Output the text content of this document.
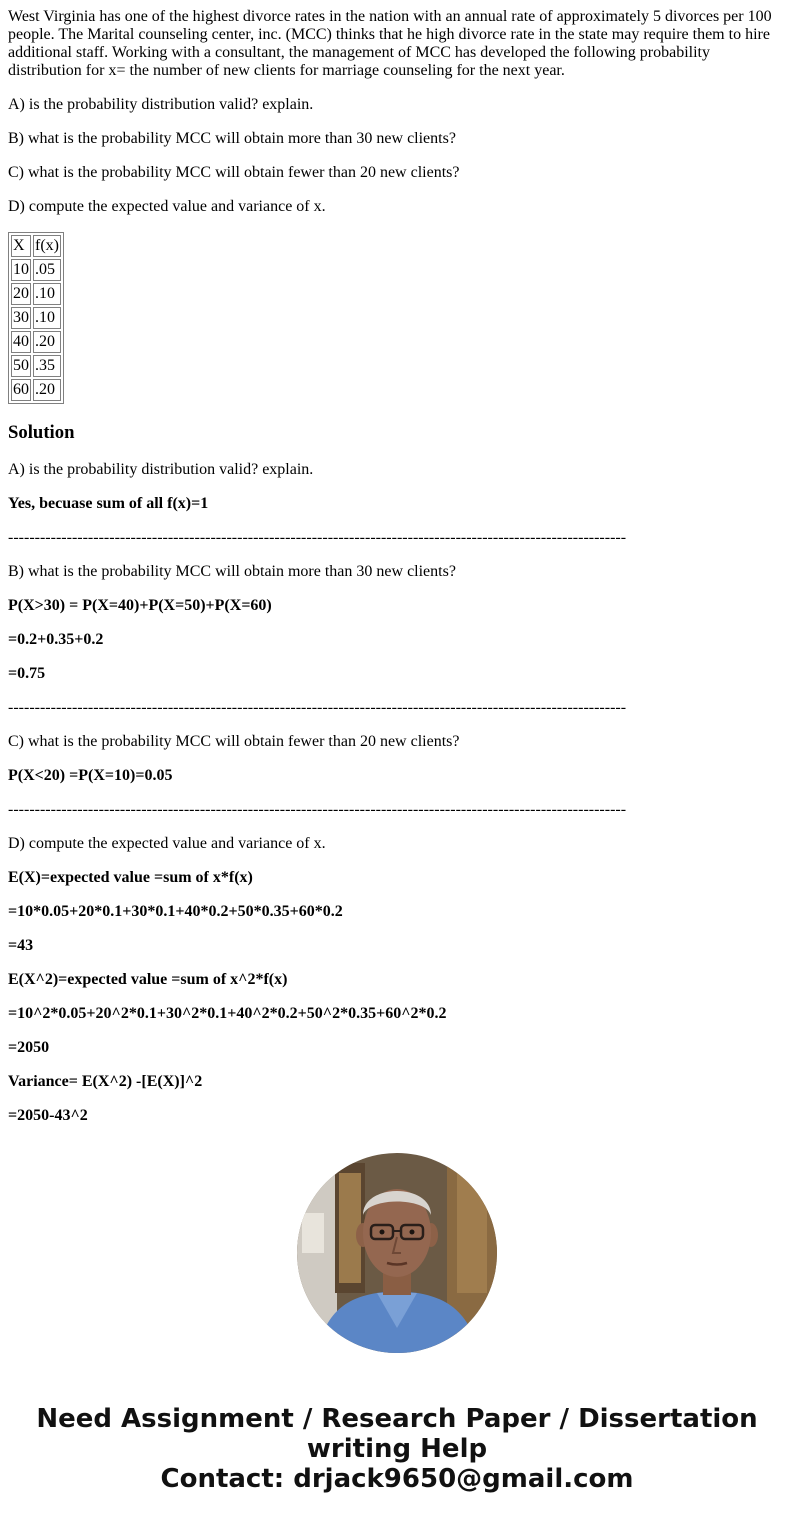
West Virginia has one of the highest divorce rates in the nation with an annual rate of approximately 5 divorces per 100 people. The Marital counseling center, inc. (MCC) thinks that he high divorce rate in the state may require them to hire additional staff. Working with a consultant, the management of MCC has developed the following probability distribution for x= the number of new clients for marriage counseling for the next year.

A) is the probability distribution valid? explain.

B) what is the probability MCC will obtain more than 30 new clients?

C) what is the probability MCC will obtain fewer than 20 new clients?

D) compute the expected value and variance of x.

X	f(x)
10	.05
20	.10
30	.10
40	.20
50	.35
60	.20
Solution

A) is the probability distribution valid? explain.

Yes, becuase sum of all f(x)=1

--------------------------------------------------------------------------------------------------------------------

B) what is the probability MCC will obtain more than 30 new clients?

P(X>30) = P(X=40)+P(X=50)+P(X=60)

=0.2+0.35+0.2

=0.75

--------------------------------------------------------------------------------------------------------------------

C) what is the probability MCC will obtain fewer than 20 new clients?

P(X<20) =P(X=10)=0.05

--------------------------------------------------------------------------------------------------------------------

D) compute the expected value and variance of x.

E(X)=expected value =sum of x*f(x)

=10*0.05+20*0.1+30*0.1+40*0.2+50*0.35+60*0.2

=43

E(X^2)=expected value =sum of x^2*f(x)

=10^2*0.05+20^2*0.1+30^2*0.1+40^2*0.2+50^2*0.35+60^2*0.2

=2050

Variance= E(X^2) -[E(X)]^2

=2050-43^2

Need Assignment / Research Paper / Dissertation
writing Help
Contact: drjack9650@gmail.com
